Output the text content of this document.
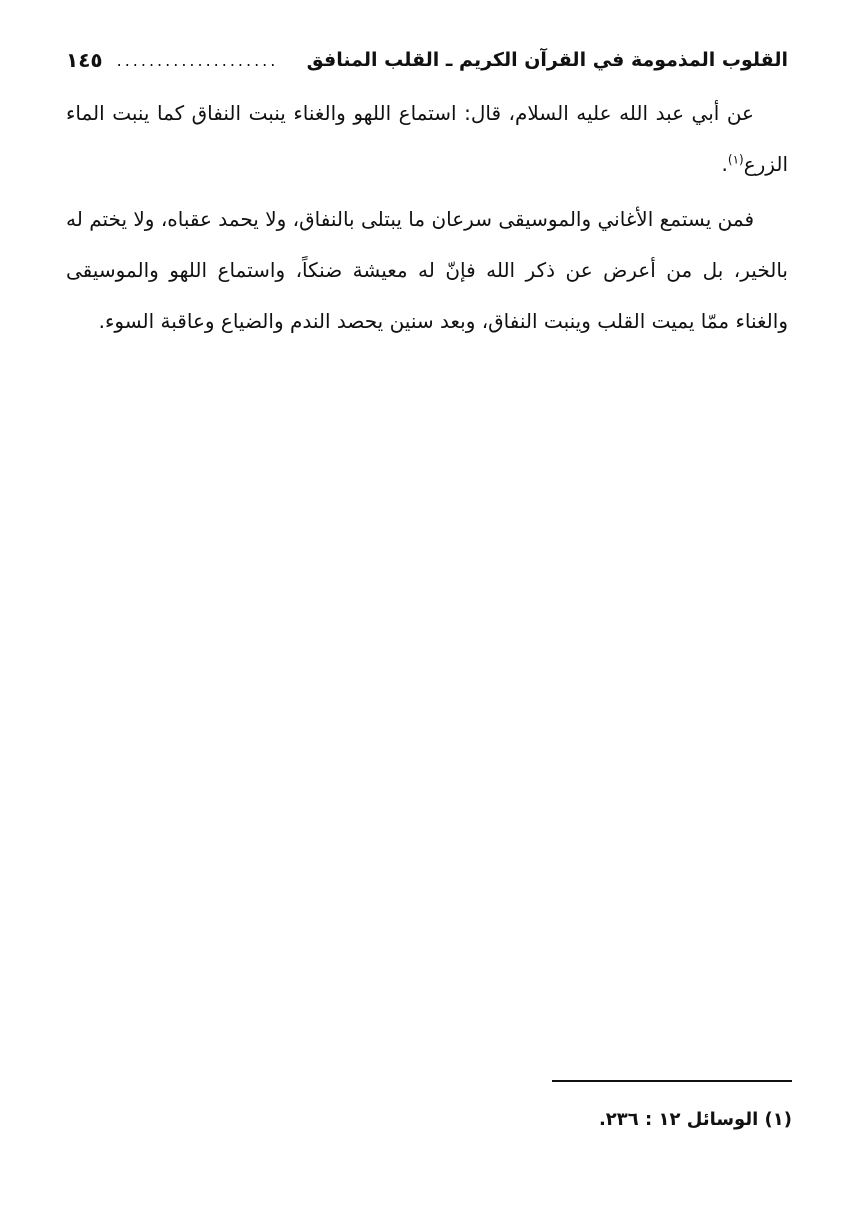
القلوب المذمومة في القرآن الكريم ـ القلب المنافق
....................
١٤٥

عن أبي عبد الله عليه السلام، قال: استماع اللهو والغناء ينبت النفاق كما ينبت الماء الزرع$^{(١)}$.

فمن يستمع الأغاني والموسيقى سرعان ما يبتلى بالنفاق، ولا يحمد عقباه، ولا يختم له بالخير، بل من أعرض عن ذكر الله فإنّ له معيشة ضنكاً، واستماع اللهو والموسيقى والغناء ممّا يميت القلب وينبت النفاق، وبعد سنين يحصد الندم والضياع وعاقبة السوء.

(١) الوسائل ١٢ : ٢٣٦.
